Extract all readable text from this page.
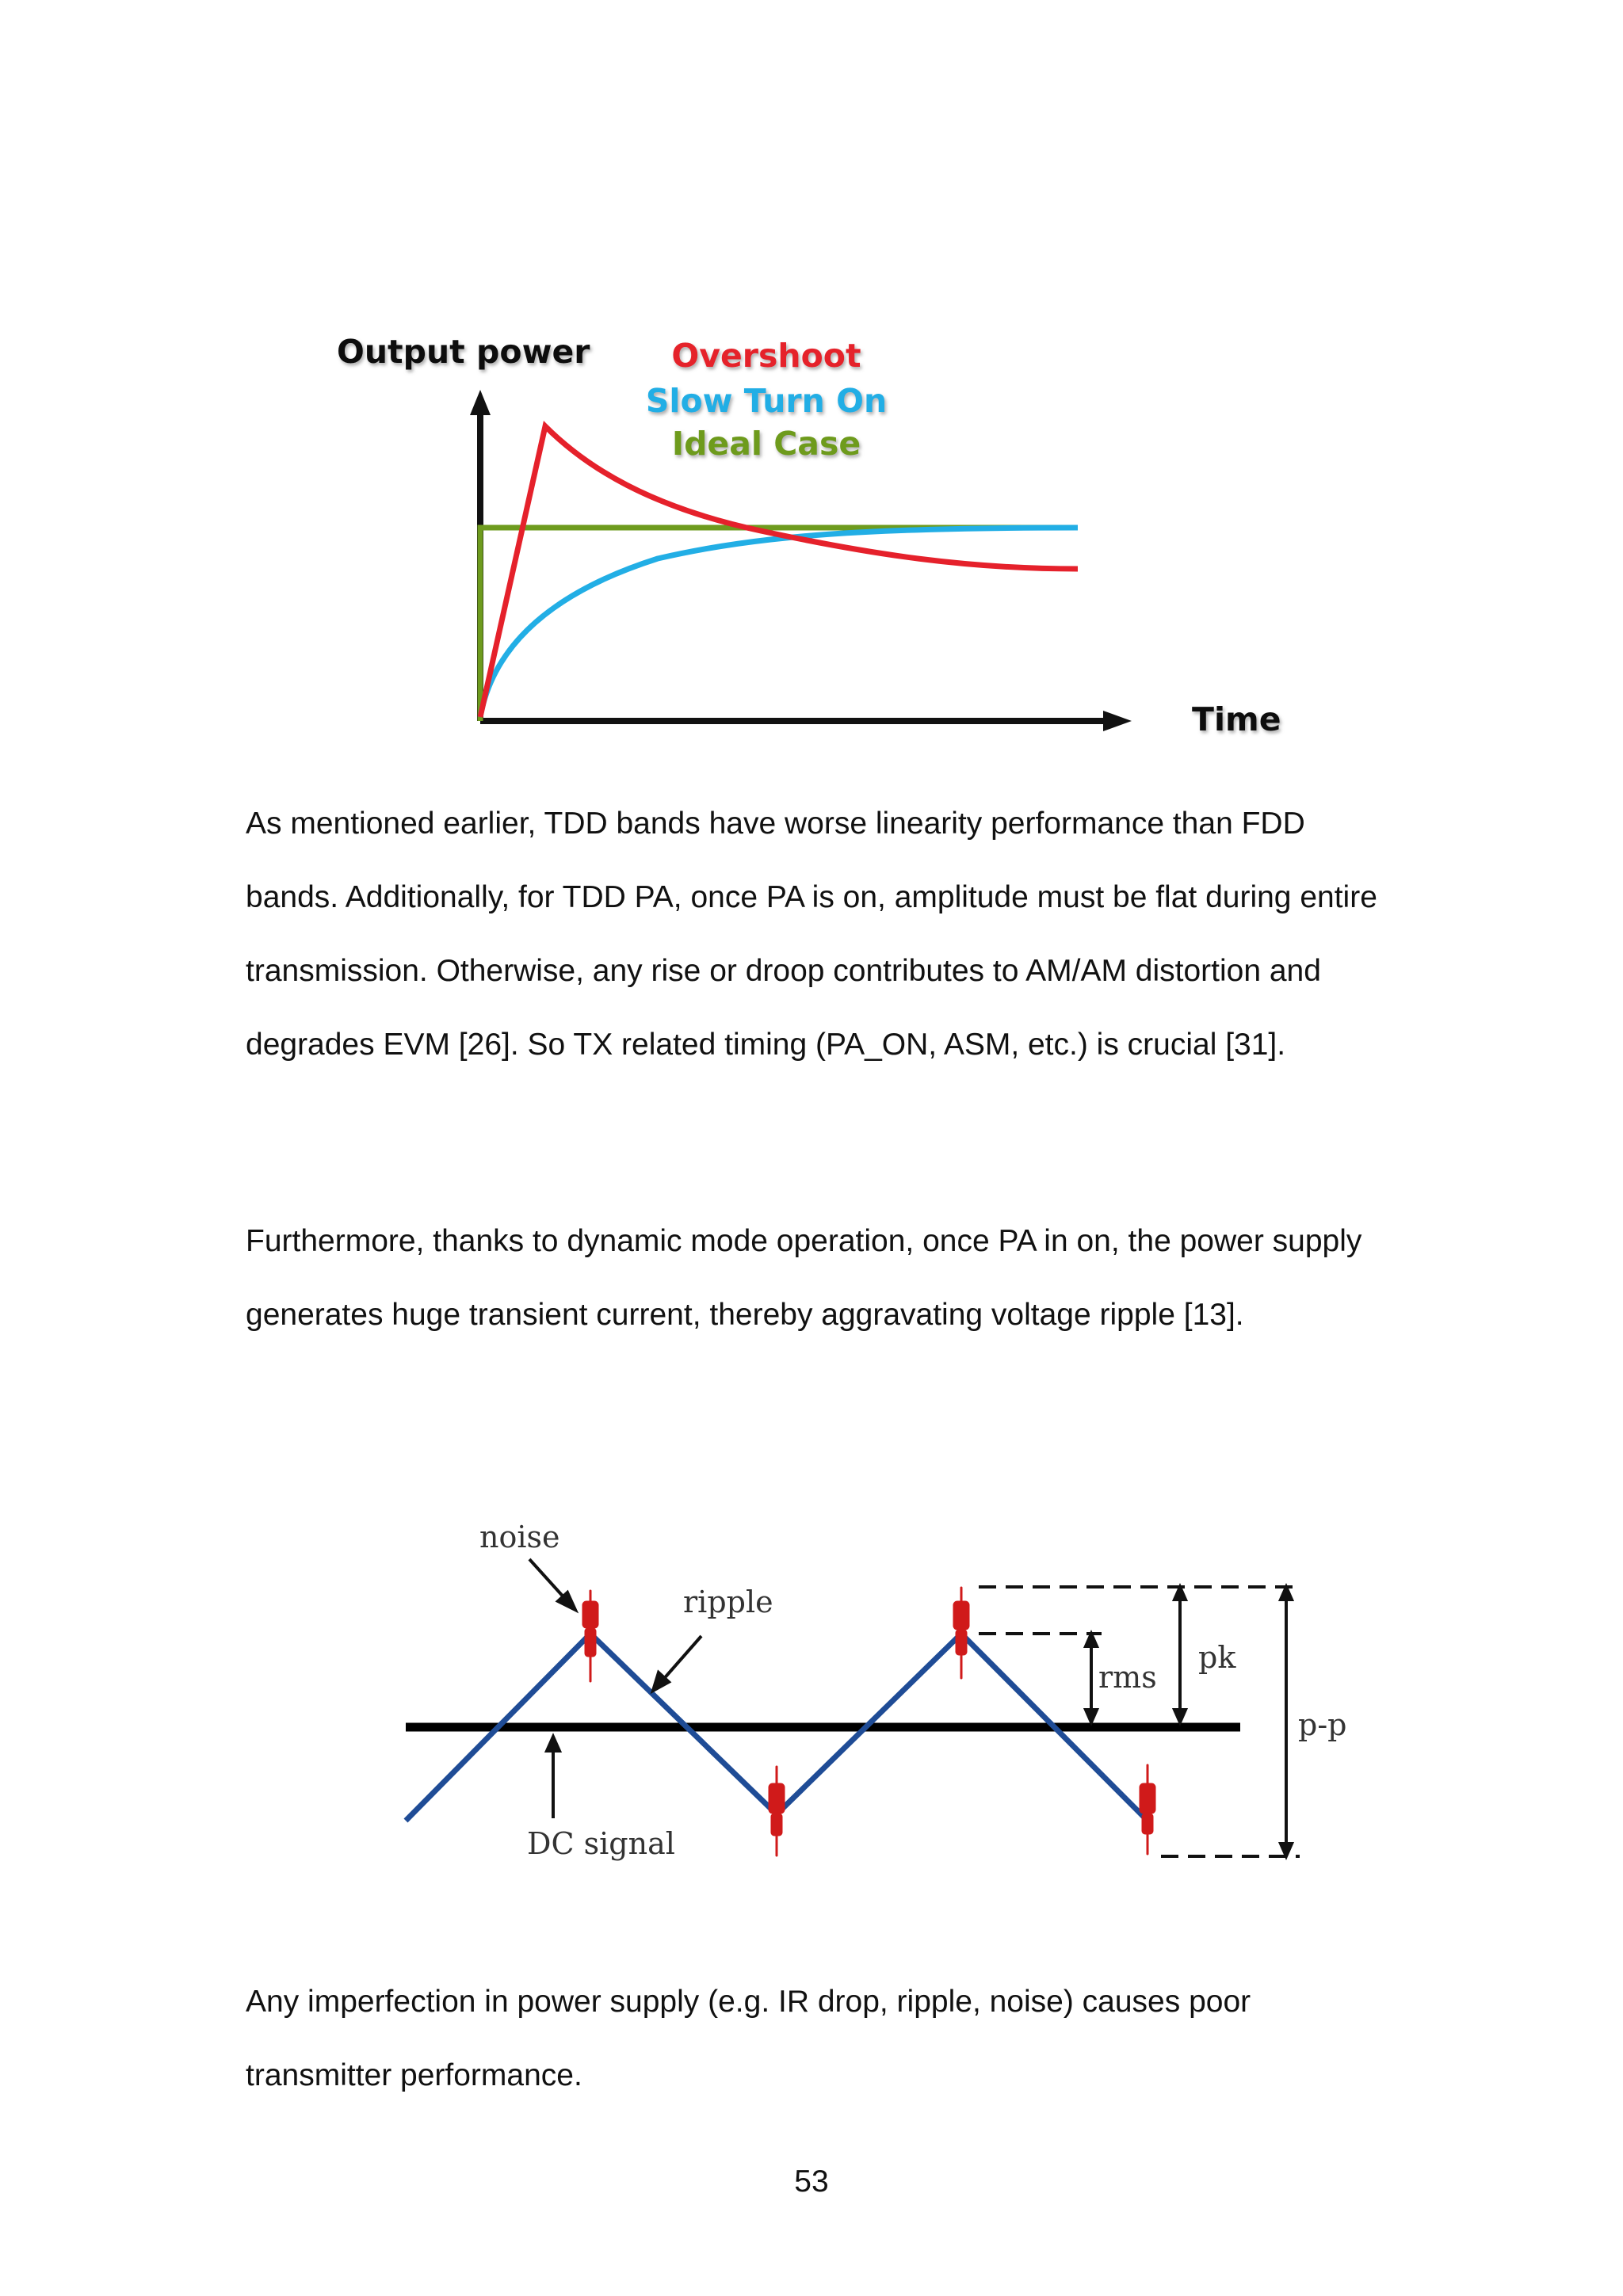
Output power
Time
Overshoot
Slow Turn On
Ideal Case

As mentioned earlier, TDD bands have worse linearity performance than FDD bands. Additionally, for TDD PA, once PA is on, amplitude must be flat during entire transmission. Otherwise, any rise or droop contributes to AM/AM distortion and degrades EVM [26]. So TX related timing (PA_ON, ASM, etc.) is crucial [31].

Furthermore, thanks to dynamic mode operation, once PA in on, the power supply generates huge transient current, thereby aggravating voltage ripple [13].

noise
ripple
DC signal
rms
pk
p-p

Any imperfection in power supply (e.g. IR drop, ripple, noise) causes poor transmitter performance.

53
